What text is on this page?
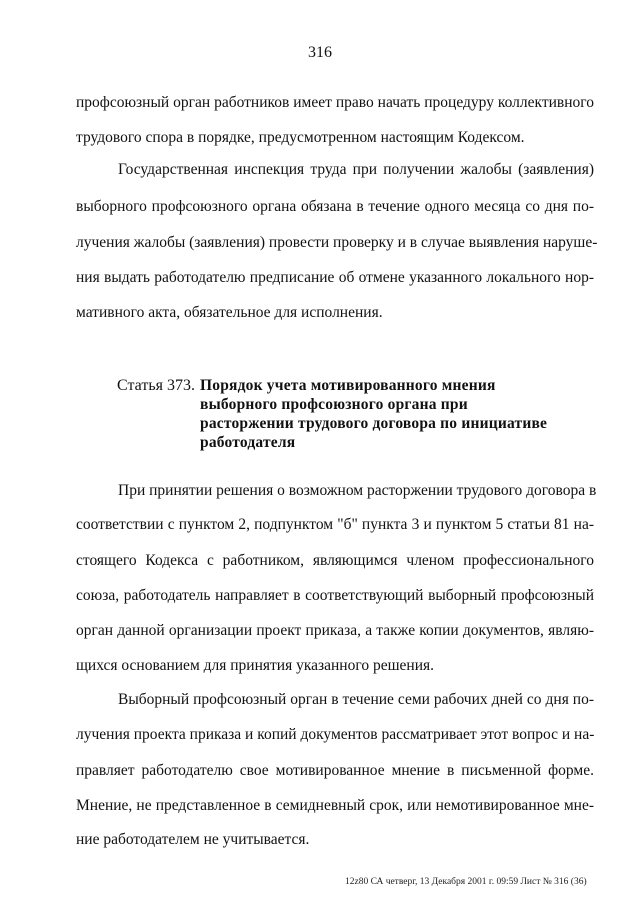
316
профсоюзный орган работников имеет право начать процедуру коллективного
трудового спора в порядке, предусмотренном настоящим Кодексом.
Государственная инспекция труда при получении жалобы (заявления)
выборного профсоюзного органа обязана в течение одного месяца со дня по-
лучения жалобы (заявления) провести проверку и в случае выявления наруше-
ния выдать работодателю предписание об отмене указанного локального нор-
мативного акта, обязательное для исполнения.
Статья 373. Порядок учета мотивированного мнения
выборного профсоюзного органа при
расторжении трудового договора по инициативе
работодателя
При принятии решения о возможном расторжении трудового договора в
соответствии с пунктом 2, подпунктом "б" пункта 3 и пунктом 5 статьи 81 на-
стоящего Кодекса с работником, являющимся членом профессионального
союза, работодатель направляет в соответствующий выборный профсоюзный
орган данной организации проект приказа, а также копии документов, являю-
щихся основанием для принятия указанного решения.
Выборный профсоюзный орган в течение семи рабочих дней со дня по-
лучения проекта приказа и копий документов рассматривает этот вопрос и на-
правляет работодателю свое мотивированное мнение в письменной форме.
Мнение, не представленное в семидневный срок, или немотивированное мне-
ние работодателем не учитывается.
12z80 СА четверг, 13 Декабря 2001 г. 09:59 Лист № 316 (36)
